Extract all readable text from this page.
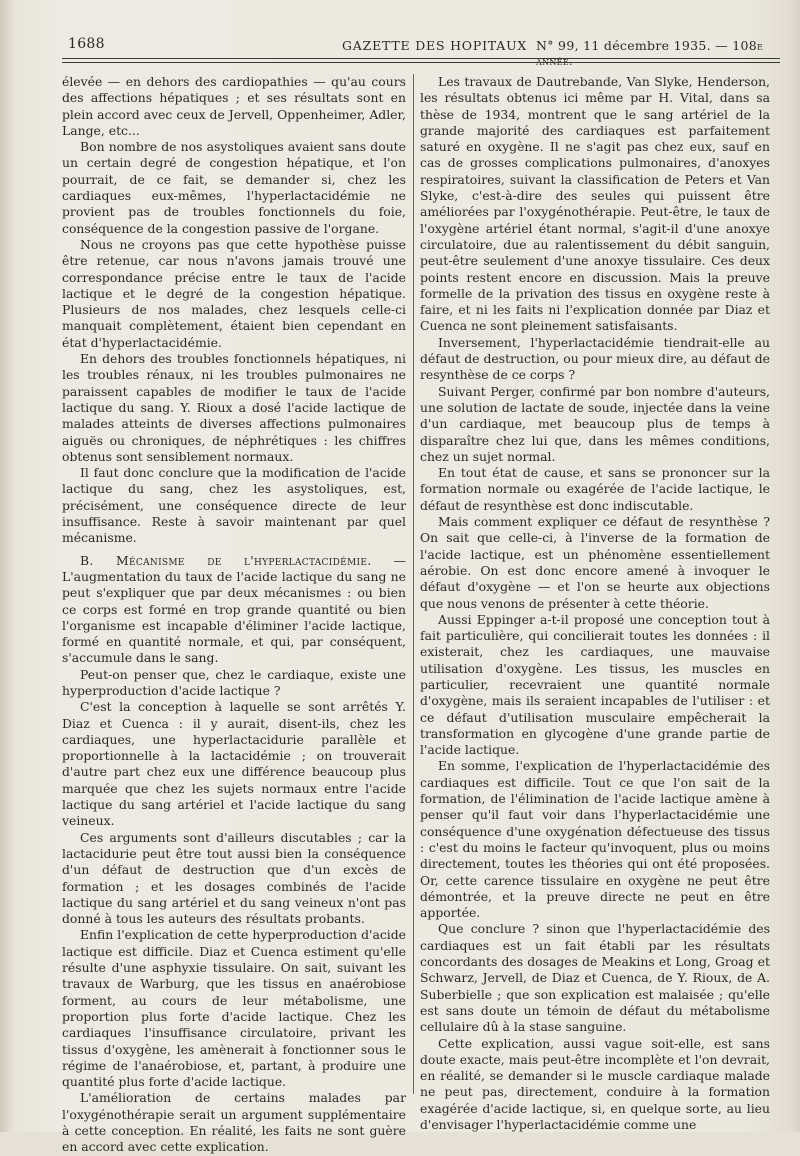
1688	GAZETTE DES HOPITAUX N° 99, 11 décembre 1935. — 108e année.

élevée — en dehors des cardiopathies — qu'au cours des affections hépatiques ; et ses résultats sont en plein accord avec ceux de Jervell, Oppenheimer, Adler, Lange, etc...

Bon nombre de nos asystoliques avaient sans doute un certain degré de congestion hépatique, et l'on pourrait, de ce fait, se demander si, chez les cardiaques eux-mêmes, l'hyperlactacidémie ne provient pas de troubles fonctionnels du foie, conséquence de la congestion passive de l'organe.

Nous ne croyons pas que cette hypothèse puisse être retenue, car nous n'avons jamais trouvé une correspondance précise entre le taux de l'acide lactique et le degré de la congestion hépatique. Plusieurs de nos malades, chez lesquels celle-ci manquait complètement, étaient bien cependant en état d'hyperlactacidémie.

En dehors des troubles fonctionnels hépatiques, ni les troubles rénaux, ni les troubles pulmonaires ne paraissent capables de modifier le taux de l'acide lactique du sang. Y. Rioux a dosé l'acide lactique de malades atteints de diverses affections pulmonaires aiguës ou chroniques, de néphrétiques : les chiffres obtenus sont sensiblement normaux.

Il faut donc conclure que la modification de l'acide lactique du sang, chez les asystoliques, est, précisément, une conséquence directe de leur insuffisance. Reste à savoir maintenant par quel mécanisme.

B. Mécanisme de l'hyperlactacidémie. — L'augmentation du taux de l'acide lactique du sang ne peut s'expliquer que par deux mécanismes : ou bien ce corps est formé en trop grande quantité ou bien l'organisme est incapable d'éliminer l'acide lactique, formé en quantité normale, et qui, par conséquent, s'accumule dans le sang.

Peut-on penser que, chez le cardiaque, existe une hyperproduction d'acide lactique ?

C'est la conception à laquelle se sont arrêtés Y. Diaz et Cuenca : il y aurait, disent-ils, chez les cardiaques, une hyperlactacidurie parallèle et proportionnelle à la lactacidémie ; on trouverait d'autre part chez eux une différence beaucoup plus marquée que chez les sujets normaux entre l'acide lactique du sang artériel et l'acide lactique du sang veineux.

Ces arguments sont d'ailleurs discutables ; car la lactacidurie peut être tout aussi bien la conséquence d'un défaut de destruction que d'un excès de formation ; et les dosages combinés de l'acide lactique du sang artériel et du sang veineux n'ont pas donné à tous les auteurs des résultats probants.

Enfin l'explication de cette hyperproduction d'acide lactique est difficile. Diaz et Cuenca estiment qu'elle résulte d'une asphyxie tissulaire. On sait, suivant les travaux de Warburg, que les tissus en anaérobiose forment, au cours de leur métabolisme, une proportion plus forte d'acide lactique. Chez les cardiaques l'insuffisance circulatoire, privant les tissus d'oxygène, les amènerait à fonctionner sous le régime de l'anaérobiose, et, partant, à produire une quantité plus forte d'acide lactique.

L'amélioration de certains malades par l'oxygénothérapie serait un argument supplémentaire à cette conception. En réalité, les faits ne sont guère en accord avec cette explication.

Les travaux de Dautrebande, Van Slyke, Henderson, les résultats obtenus ici même par H. Vital, dans sa thèse de 1934, montrent que le sang artériel de la grande majorité des cardiaques est parfaitement saturé en oxygène. Il ne s'agit pas chez eux, sauf en cas de grosses complications pulmonaires, d'anoxyes respiratoires, suivant la classification de Peters et Van Slyke, c'est-à-dire des seules qui puissent être améliorées par l'oxygénothérapie. Peut-être, le taux de l'oxygène artériel étant normal, s'agit-il d'une anoxye circulatoire, due au ralentissement du débit sanguin, peut-être seulement d'une anoxye tissulaire. Ces deux points restent encore en discussion. Mais la preuve formelle de la privation des tissus en oxygène reste à faire, et ni les faits ni l'explication donnée par Diaz et Cuenca ne sont pleinement satisfaisants.

Inversement, l'hyperlactacidémie tiendrait-elle au défaut de destruction, ou pour mieux dire, au défaut de resynthèse de ce corps ?

Suivant Perger, confirmé par bon nombre d'auteurs, une solution de lactate de soude, injectée dans la veine d'un cardiaque, met beaucoup plus de temps à disparaître chez lui que, dans les mêmes conditions, chez un sujet normal.

En tout état de cause, et sans se prononcer sur la formation normale ou exagérée de l'acide lactique, le défaut de resynthèse est donc indiscutable.

Mais comment expliquer ce défaut de resynthèse ? On sait que celle-ci, à l'inverse de la formation de l'acide lactique, est un phénomène essentiellement aérobie. On est donc encore amené à invoquer le défaut d'oxygène — et l'on se heurte aux objections que nous venons de présenter à cette théorie.

Aussi Eppinger a-t-il proposé une conception tout à fait particulière, qui concilierait toutes les données : il existerait, chez les cardiaques, une mauvaise utilisation d'oxygène. Les tissus, les muscles en particulier, recevraient une quantité normale d'oxygène, mais ils seraient incapables de l'utiliser : et ce défaut d'utilisation musculaire empêcherait la transformation en glycogène d'une grande partie de l'acide lactique.

En somme, l'explication de l'hyperlactacidémie des cardiaques est difficile. Tout ce que l'on sait de la formation, de l'élimination de l'acide lactique amène à penser qu'il faut voir dans l'hyperlactacidémie une conséquence d'une oxygénation défectueuse des tissus : c'est du moins le facteur qu'invoquent, plus ou moins directement, toutes les théories qui ont été proposées. Or, cette carence tissulaire en oxygène ne peut être démontrée, et la preuve directe ne peut en être apportée.

Que conclure ? sinon que l'hyperlactacidémie des cardiaques est un fait établi par les résultats concordants des dosages de Meakins et Long, Groag et Schwarz, Jervell, de Diaz et Cuenca, de Y. Rioux, de A. Suberbielle ; que son explication est malaisée ; qu'elle est sans doute un témoin de défaut du métabolisme cellulaire dû à la stase sanguine.

Cette explication, aussi vague soit-elle, est sans doute exacte, mais peut-être incomplète et l'on devrait, en réalité, se demander si le muscle cardiaque malade ne peut pas, directement, conduire à la formation exagérée d'acide lactique, si, en quelque sorte, au lieu d'envisager l'hyperlactacidémie comme une
